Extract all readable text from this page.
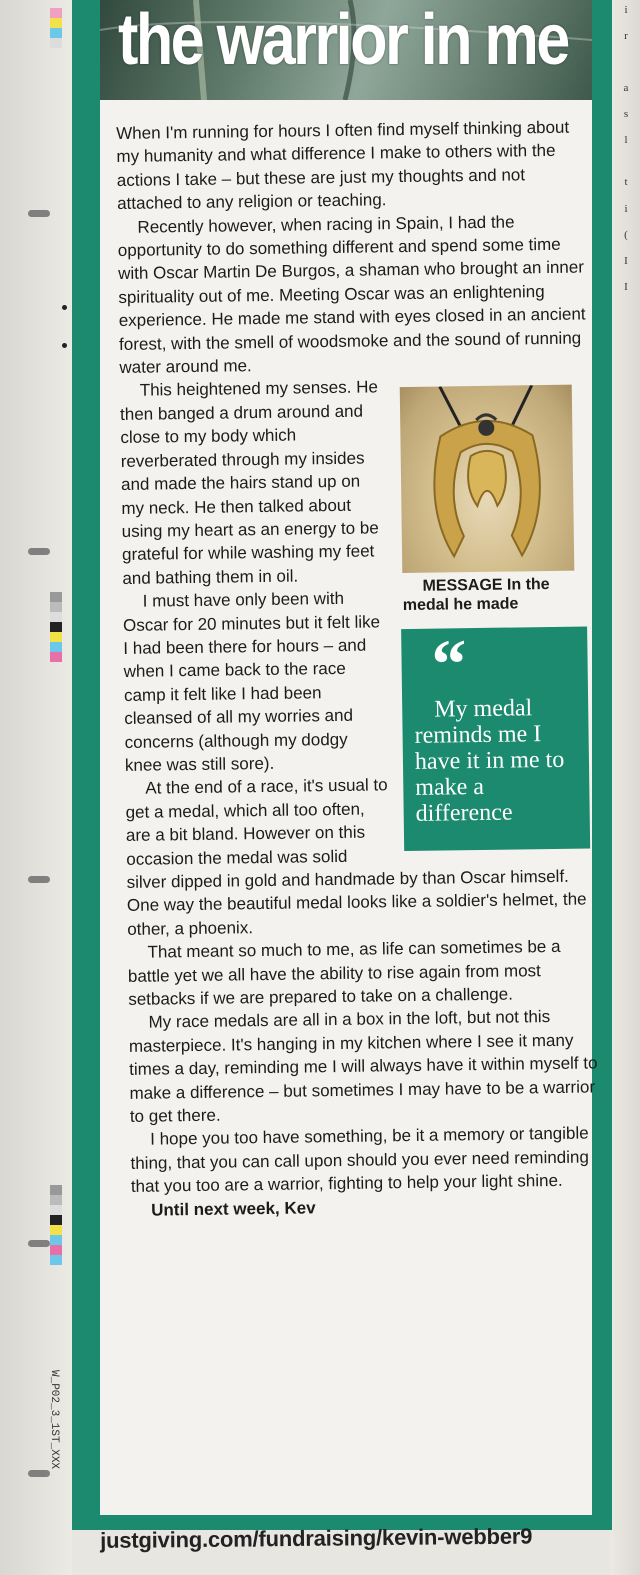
i
r
a
s
l
t
i
(
I
I
W_P02_3_1ST_XXX
the warrior in me

When I'm running for hours I often find myself thinking about my humanity and what difference I make to others with the actions I take – but these are just my thoughts and not attached to any religion or teaching.

Recently however, when racing in Spain, I had the opportunity to do something different and spend some time with Oscar Martin De Burgos, a shaman who brought an inner spirituality out of me. Meeting Oscar was an enlightening experience. He made me stand with eyes closed in an ancient forest, with the smell of woodsmoke and the sound of running water around me.

MESSAGE In the medal he made
“
My medal reminds me I have it in me to make a difference
This heightened my senses. He then banged a drum around and close to my body which reverberated through my insides and made the hairs stand up on my neck. He then talked about using my heart as an energy to be grateful for while washing my feet and bathing them in oil.

I must have only been with Oscar for 20 minutes but it felt like I had been there for hours – and when I came back to the race camp it felt like I had been cleansed of all my worries and concerns (although my dodgy knee was still sore).

At the end of a race, it's usual to get a medal, which all too often, are a bit bland. However on this occasion the medal was solid silver dipped in gold and handmade by than Oscar himself. One way the beautiful medal looks like a soldier's helmet, the other, a phoenix.

That meant so much to me, as life can sometimes be a battle yet we all have the ability to rise again from most setbacks if we are prepared to take on a challenge.

My race medals are all in a box in the loft, but not this masterpiece. It's hanging in my kitchen where I see it many times a day, reminding me I will always have it within myself to make a difference – but sometimes I may have to be a warrior to get there.

I hope you too have something, be it a memory or tangible thing, that you can call upon should you ever need reminding that you too are a warrior, fighting to help your light shine.

Until next week, Kev

justgiving.com/fundraising/kevin-webber9
